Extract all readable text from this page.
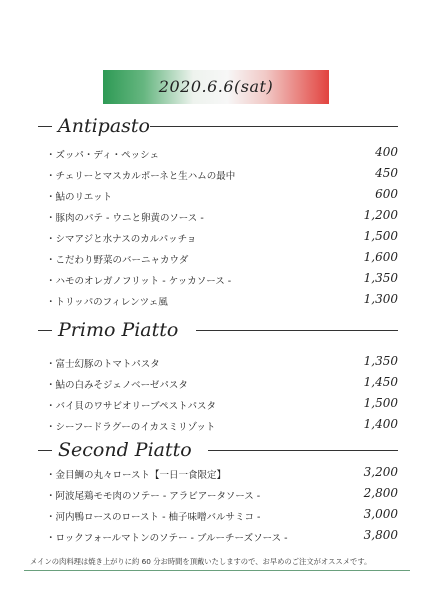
2020.6.6(sat)
Antipasto
・ズッパ・ディ・ペッシェ	400
・チェリーとマスカルポーネと生ハムの最中	450
・鮎のリエット	600
・豚肉のパテ - ウニと卵黄のソース -	1,200
・シマアジと水ナスのカルパッチョ	1,500
・こだわり野菜のバーニャカウダ	1,600
・ハモのオレガノフリット - ケッカソース -	1,350
・トリッパのフィレンツェ風	1,300
Primo Piatto
・富士幻豚のトマトパスタ	1,350
・鮎の白みそジェノベーゼパスタ	1,450
・バイ貝のワサビオリーブペストパスタ	1,500
・シーフードラグーのイカスミリゾット	1,400
Second Piatto
・金目鯛の丸々ロースト【一日一食限定】	3,200
・阿波尾鶏モモ肉のソテー - アラビアータソース -	2,800
・河内鴨ロースのロースト - 柚子味噌バルサミコ -	3,000
・ロックフォールマトンのソテー - ブルーチーズソース -	3,800
メインの肉料理は焼き上がりに約 60 分お時間を頂戴いたしますので、お早めのご注文がオススメです。
